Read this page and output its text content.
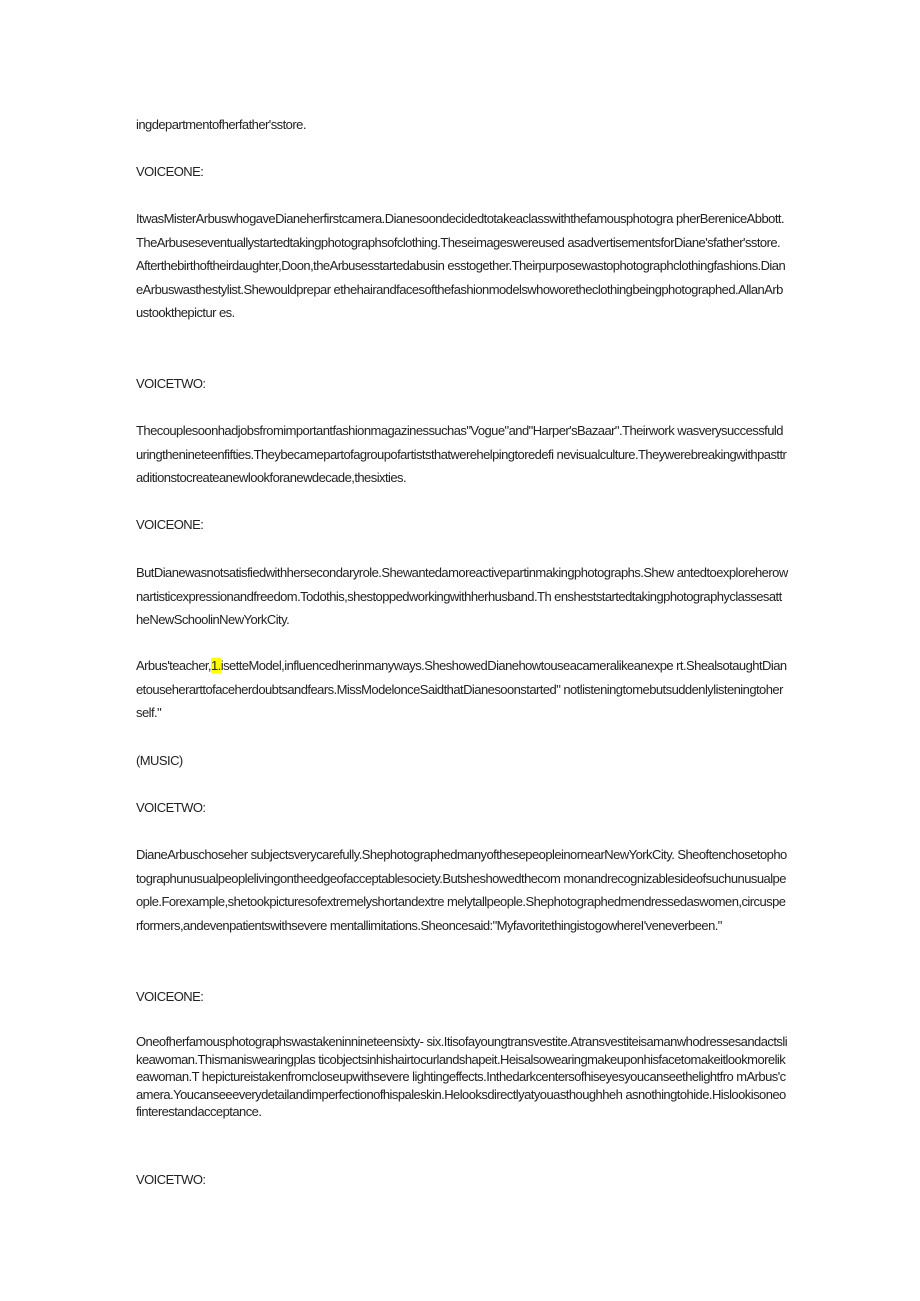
ingdepartmentofherfather'sstore.
VOICEONE:
ItwasMisterArbuswhogaveDianeherfirstcamera.Dianesoondecidedtotakeaclasswiththefamousphotogra pherBereniceAbbott.TheArbuseseventuallystartedtakingphotographsofclothing.Theseimageswereused asadvertisementsforDiane'sfather'sstore.Afterthebirthoftheirdaughter,Doon,theArbusesstartedabusin esstogether.Theirpurposewastophotographclothingfashions.DianeArbuswasthestylist.Shewouldprepar ethehairandfacesofthefashionmodelswhoworetheclothingbeingphotographed.AllanArbustookthepictur es.
VOICETWO:
Thecouplesoonhadjobsfromimportantfashionmagazinessuchas"Vogue"and"Harper'sBazaar".Theirwork wasverysuccessfulduringthenineteenfifties.Theybecamepartofagroupofartiststhatwerehelpingtoredefi nevisualculture.Theywerebreakingwithpasttraditionstocreateanewlookforanewdecade,thesixties.
VOICEONE:
ButDianewasnotsatisfiedwithhersecondaryrole.Shewantedamoreactivepartinmakingphotographs.Shew antedtoexploreherownartisticexpressionandfreedom.Todothis,shestoppedworkingwithherhusband.Th ensheststartedtakingphotographyclassesattheNewSchoolinNewYorkCity.
Arbus'teacher,1.isetteModel,influencedherinmanyways.SheshowedDianehowtouseacameralikeanexpe rt.ShealsotaughtDianetouseherarttofaceherdoubtsandfears.MissModelonceSaidthatDianesoonstarted" notlisteningtomebutsuddenlylisteningtoherself."
(MUSIC)
VOICETWO:
DianeArbuschoseher subjectsverycarefully.ShephotographedmanyofthesepeopleinornearNewYorkCity. Sheoftenchosetophotographunusualpeoplelivingontheedgeofacceptablesociety.Butsheshowedthecom monandrecognizablesideofsuchunusualpeople.Forexample,shetookpicturesofextremelyshortandextre melytallpeople.Shephotographedmendressedaswomen,circusperformers,andevenpatientswithsevere mentallimitations.Sheoncesaid:"MyfavoritethingistogowhereI'veneverbeen."
VOICEONE:
Oneofherfamousphotographswastakeninnineteensixty- six.Itisofayoungtransvestite.Atransvestiteisamanwhodressesandactslikeawoman.Thismaniswearingplas ticobjectsinhishairtocurlandshapeit.Heisalsowearingmakeuponhisfacetomakeitlookmorelikeawoman.T hepictureistakenfromcloseupwithsevere lightingeffects.Inthedarkcentersofhiseyesyoucanseethelightfro mArbus'camera.Youcanseeeverydetailandimperfectionofhispaleskin.Helooksdirectlyatyouasthoughheh asnothingtohide.Hislookisoneofinterestandacceptance.
VOICETWO:
